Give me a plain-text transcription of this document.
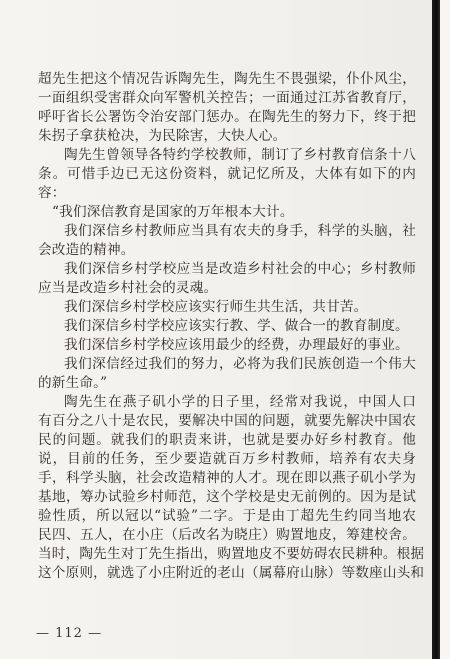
超先生把这个情况告诉陶先生，陶先生不畏强梁，仆仆风尘，
一面组织受害群众向军警机关控告；一面通过江苏省教育厅，
呼吁省长公署饬令治安部门惩办。在陶先生的努力下，终于把
朱拐子拿获枪决，为民除害，大快人心。
陶先生曾领导各特约学校教师，制订了乡村教育信条十八
条。可惜手边已无这份资料，就记忆所及，大体有如下的内
容：
“我们深信教育是国家的万年根本大计。
我们深信乡村教师应当具有农夫的身手，科学的头脑，社
会改造的精神。
我们深信乡村学校应当是改造乡村社会的中心；乡村教师
应当是改造乡村社会的灵魂。
我们深信乡村学校应该实行师生共生活，共甘苦。
我们深信乡村学校应该实行教、学、做合一的教育制度。
我们深信乡村学校应该用最少的经费，办理最好的事业。
我们深信经过我们的努力，必将为我们民族创造一个伟大
的新生命。”
陶先生在燕子矶小学的日子里，经常对我说，中国人口
有百分之八十是农民，要解决中国的问题，就要先解决中国农
民的问题。就我们的职责来讲，也就是要办好乡村教育。他
说，目前的任务，至少要造就百万乡村教师，培养有农夫身
手，科学头脑，社会改造精神的人才。现在即以燕子矶小学为
基地，筹办试验乡村师范，这个学校是史无前例的。因为是试
验性质，所以冠以“试验”二字。于是由丁超先生约同当地农
民四、五人，在小庄（后改名为晓庄）购置地皮，筹建校舍。
当时，陶先生对丁先生指出，购置地皮不要妨碍农民耕种。根据
这个原则，就选了小庄附近的老山（属幕府山脉）等数座山头和
— 112 —
